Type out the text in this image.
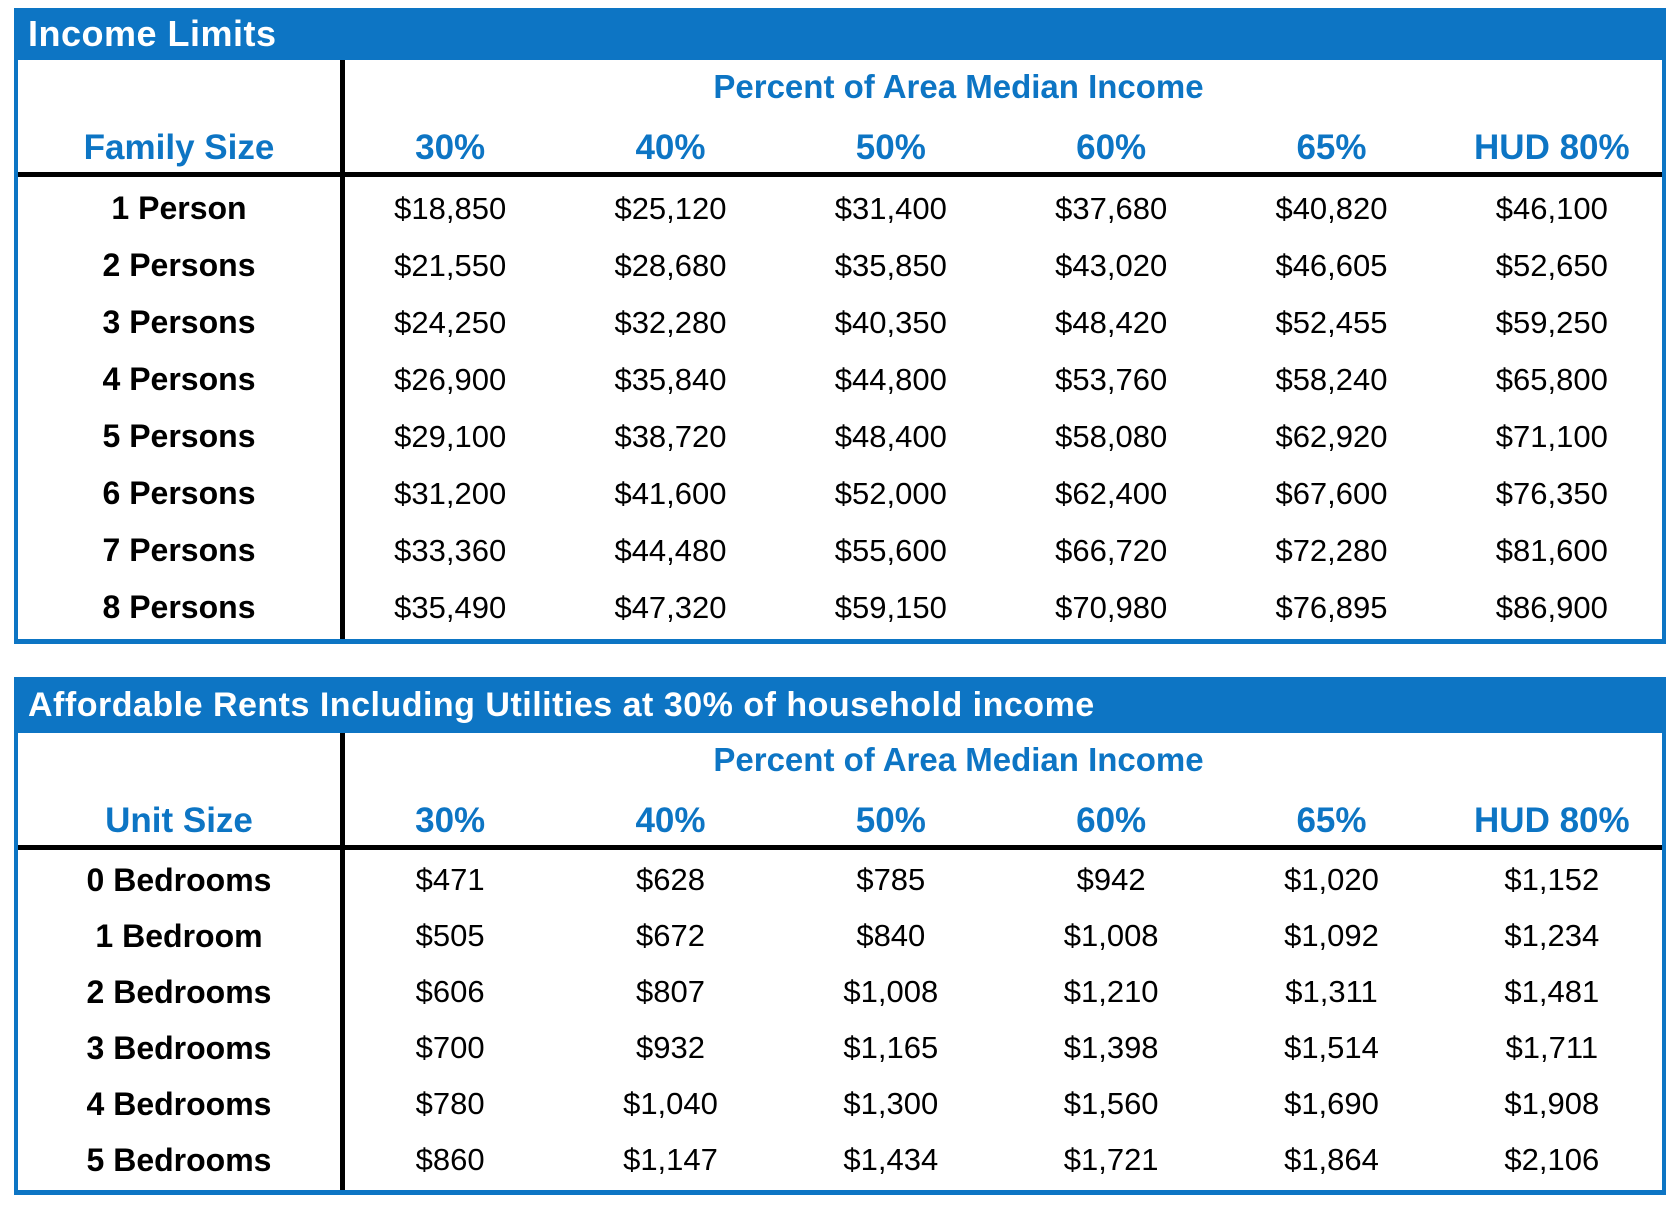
Income Limits
Percent of Area Median Income
Family Size	30%	40%	50%	60%	65%	HUD 80%
1 Person	$18,850	$25,120	$31,400	$37,680	$40,820	$46,100
2 Persons	$21,550	$28,680	$35,850	$43,020	$46,605	$52,650
3 Persons	$24,250	$32,280	$40,350	$48,420	$52,455	$59,250
4 Persons	$26,900	$35,840	$44,800	$53,760	$58,240	$65,800
5 Persons	$29,100	$38,720	$48,400	$58,080	$62,920	$71,100
6 Persons	$31,200	$41,600	$52,000	$62,400	$67,600	$76,350
7 Persons	$33,360	$44,480	$55,600	$66,720	$72,280	$81,600
8 Persons	$35,490	$47,320	$59,150	$70,980	$76,895	$86,900
Affordable Rents Including Utilities at 30% of household income
Percent of Area Median Income
Unit Size	30%	40%	50%	60%	65%	HUD 80%
0 Bedrooms	$471	$628	$785	$942	$1,020	$1,152
1 Bedroom	$505	$672	$840	$1,008	$1,092	$1,234
2 Bedrooms	$606	$807	$1,008	$1,210	$1,311	$1,481
3 Bedrooms	$700	$932	$1,165	$1,398	$1,514	$1,711
4 Bedrooms	$780	$1,040	$1,300	$1,560	$1,690	$1,908
5 Bedrooms	$860	$1,147	$1,434	$1,721	$1,864	$2,106
